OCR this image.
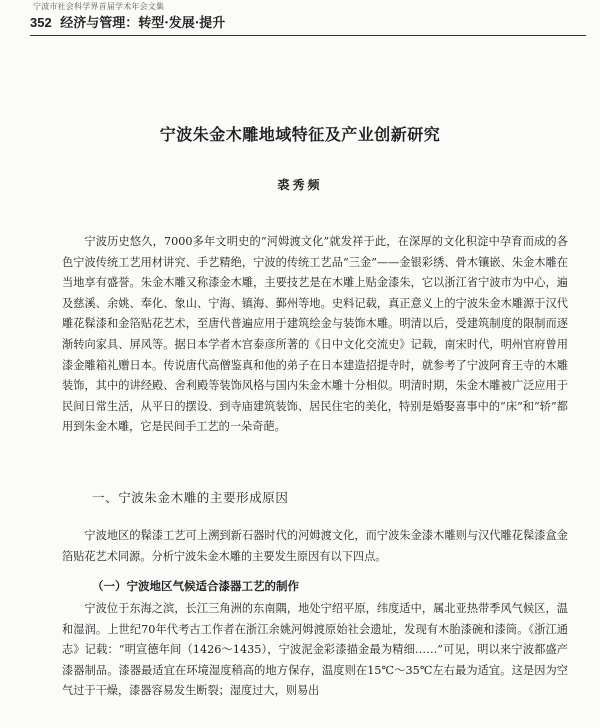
宁波市社会科学界首届学术年会文集
352 经济与管理：转型·发展·提升
宁波朱金木雕地域特征及产业创新研究
裘秀频

宁波历史悠久，7000多年文明史的“河姆渡文化”就发祥于此，在深厚的文化积淀中孕育而成的各色宁波传统工艺用材讲究、手艺精绝，宁波的传统工艺品“三金”——金银彩绣、骨木镶嵌、朱金木雕在当地享有盛誉。朱金木雕又称漆金木雕，主要技艺是在木雕上贴金漆朱，它以浙江省宁波市为中心，遍及慈溪、余姚、奉化、象山、宁海、镇海、鄞州等地。史料记载，真正意义上的宁波朱金木雕源于汉代雕花髹漆和金箔贴花艺术，至唐代普遍应用于建筑绘金与装饰木雕。明清以后，受建筑制度的限制而逐渐转向家具、屏风等。据日本学者木宫泰彦所著的《日中文化交流史》记载，南宋时代，明州官府曾用漆金雕箱礼赠日本。传说唐代高僧鉴真和他的弟子在日本建造招提寺时，就参考了宁波阿育王寺的木雕装饰，其中的讲经殿、舍利殿等装饰风格与国内朱金木雕十分相似。明清时期，朱金木雕被广泛应用于民间日常生活，从平日的摆设、到寺庙建筑装饰、居民住宅的美化，特别是婚娶喜事中的“床”和“轿”都用到朱金木雕，它是民间手工艺的一朵奇葩。

一、宁波朱金木雕的主要形成原因

宁波地区的髹漆工艺可上溯到新石器时代的河姆渡文化，而宁波朱金漆木雕则与汉代雕花髹漆盒金箔贴花艺术同源。分析宁波朱金木雕的主要发生原因有以下四点。

（一）宁波地区气候适合漆器工艺的制作

宁波位于东海之滨，长江三角洲的东南隅，地处宁绍平原，纬度适中，属北亚热带季风气候区，温和湿润。上世纪70年代考古工作者在浙江余姚河姆渡原始社会遗址，发现有木胎漆碗和漆筒。《浙江通志》记载：“明宣德年间（1426～1435），宁波泥金彩漆描金最为精细……”可见，明以来宁波都盛产漆器制品。漆器最适宜在环境湿度稍高的地方保存，温度则在15℃～35℃左右最为适宜。这是因为空气过于干燥，漆器容易发生断裂；湿度过大，则易出
